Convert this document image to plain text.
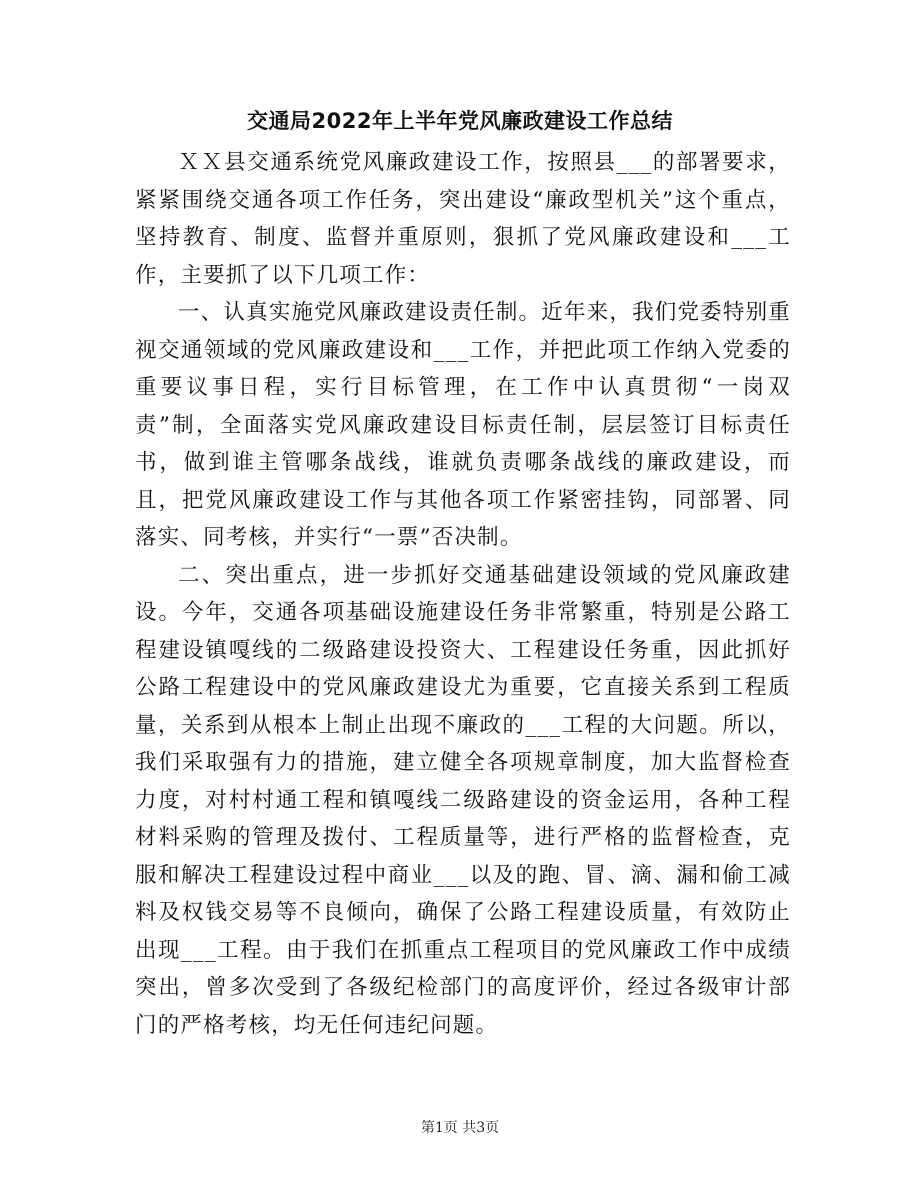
交通局2022年上半年党风廉政建设工作总结

ＸＸ县交通系统党风廉政建设工作，按照县___的部署要求，紧紧围绕交通各项工作任务，突出建设“廉政型机关”这个重点，坚持教育、制度、监督并重原则，狠抓了党风廉政建设和___工作，主要抓了以下几项工作：

一、认真实施党风廉政建设责任制。近年来，我们党委特别重视交通领域的党风廉政建设和___工作，并把此项工作纳入党委的重要议事日程，实行目标管理，在工作中认真贯彻“一岗双责”制，全面落实党风廉政建设目标责任制，层层签订目标责任书，做到谁主管哪条战线，谁就负责哪条战线的廉政建设，而且，把党风廉政建设工作与其他各项工作紧密挂钩，同部署、同落实、同考核，并实行“一票”否决制。

二、突出重点，进一步抓好交通基础建设领域的党风廉政建设。今年，交通各项基础设施建设任务非常繁重，特别是公路工程建设镇嘎线的二级路建设投资大、工程建设任务重，因此抓好公路工程建设中的党风廉政建设尤为重要，它直接关系到工程质量，关系到从根本上制止出现不廉政的___工程的大问题。所以，我们采取强有力的措施，建立健全各项规章制度，加大监督检查力度，对村村通工程和镇嘎线二级路建设的资金运用，各种工程材料采购的管理及拨付、工程质量等，进行严格的监督检查，克服和解决工程建设过程中商业___以及的跑、冒、滴、漏和偷工减料及权钱交易等不良倾向，确保了公路工程建设质量，有效防止出现___工程。由于我们在抓重点工程项目的党风廉政工作中成绩突出，曾多次受到了各级纪检部门的高度评价，经过各级审计部门的严格考核，均无任何违纪问题。

第1页 共3页
